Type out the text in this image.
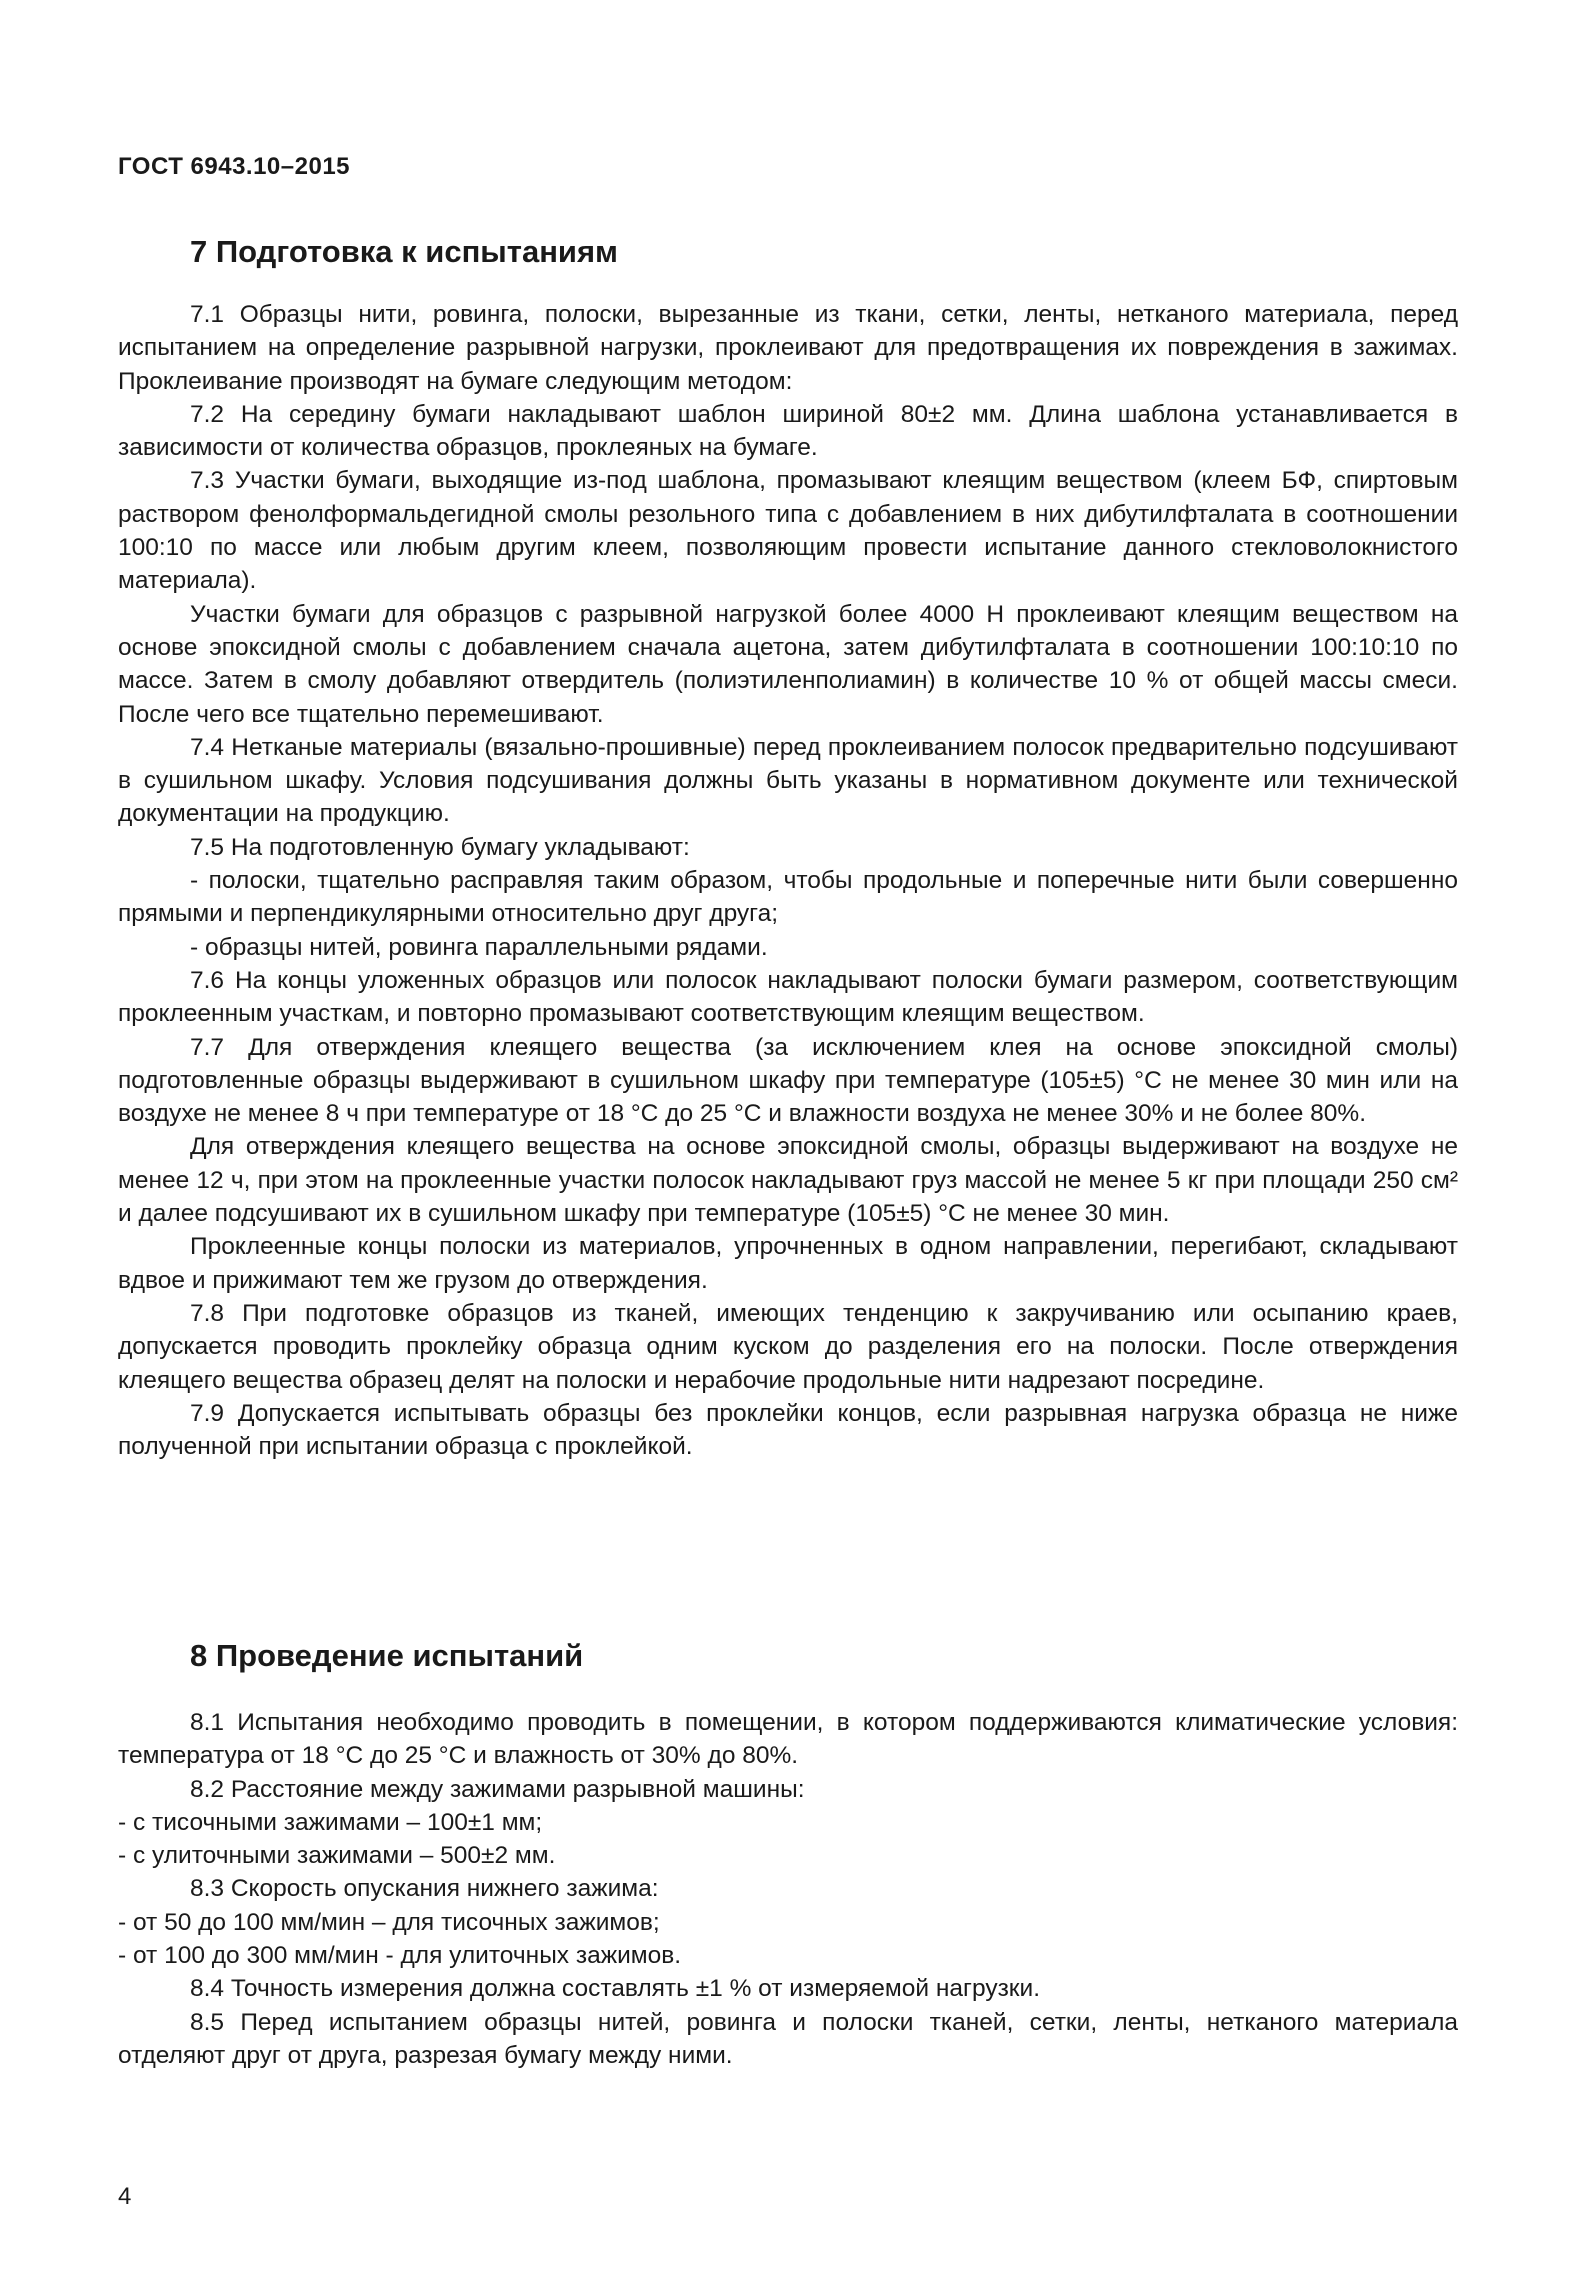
ГОСТ 6943.10–2015
7 Подготовка к испытаниям

7.1 Образцы нити, ровинга, полоски, вырезанные из ткани, сетки, ленты, нетканого материала, перед испытанием на определение разрывной нагрузки, проклеивают для предотвращения их повреждения в зажимах. Проклеивание производят на бумаге следующим методом:

7.2 На середину бумаги накладывают шаблон шириной 80±2 мм. Длина шаблона устанавливается в зависимости от количества образцов, проклеяных на бумаге.

7.3 Участки бумаги, выходящие из-под шаблона, промазывают клеящим веществом (клеем БФ, спиртовым раствором фенолформальдегидной смолы резольного типа с добавлением в них дибутилфталата в соотношении 100:10 по массе или любым другим клеем, позволяющим провести испытание данного стекловолокнистого материала).

Участки бумаги для образцов с разрывной нагрузкой более 4000 Н проклеивают клеящим веществом на основе эпоксидной смолы с добавлением сначала ацетона, затем дибутилфталата в соотношении 100:10:10 по массе. Затем в смолу добавляют отвердитель (полиэтиленполиамин) в количестве 10 % от общей массы смеси. После чего все тщательно перемешивают.

7.4 Нетканые материалы (вязально-прошивные) перед проклеиванием полосок предварительно подсушивают в сушильном шкафу. Условия подсушивания должны быть указаны в нормативном документе или технической документации на продукцию.

7.5 На подготовленную бумагу укладывают:

- полоски, тщательно расправляя таким образом, чтобы продольные и поперечные нити были совершенно прямыми и перпендикулярными относительно друг друга;

- образцы нитей, ровинга параллельными рядами.

7.6 На концы уложенных образцов или полосок накладывают полоски бумаги размером, соответствующим проклеенным участкам, и повторно промазывают соответствующим клеящим веществом.

7.7 Для отверждения клеящего вещества (за исключением клея на основе эпоксидной смолы) подготовленные образцы выдерживают в сушильном шкафу при температуре (105±5) °С не менее 30 мин или на воздухе не менее 8 ч при температуре от 18 °С до 25 °С и влажности воздуха не менее 30% и не более 80%.

Для отверждения клеящего вещества на основе эпоксидной смолы, образцы выдерживают на воздухе не менее 12 ч, при этом на проклеенные участки полосок накладывают груз массой не менее 5 кг при площади 250 см² и далее подсушивают их в сушильном шкафу при температуре (105±5) °С не менее 30 мин.

Проклеенные концы полоски из материалов, упрочненных в одном направлении, перегибают, складывают вдвое и прижимают тем же грузом до отверждения.

7.8 При подготовке образцов из тканей, имеющих тенденцию к закручиванию или осыпанию краев, допускается проводить проклейку образца одним куском до разделения его на полоски. После отверждения клеящего вещества образец делят на полоски и нерабочие продольные нити надрезают посредине.

7.9 Допускается испытывать образцы без проклейки концов, если разрывная нагрузка образца не ниже полученной при испытании образца с проклейкой.

8 Проведение испытаний

8.1 Испытания необходимо проводить в помещении, в котором поддерживаются климатические условия: температура от 18 °С до 25 °С и влажность от 30% до 80%.

8.2 Расстояние между зажимами разрывной машины:

- с тисочными зажимами – 100±1 мм;

- с улиточными зажимами – 500±2 мм.

8.3 Скорость опускания нижнего зажима:

- от 50 до 100 мм/мин – для тисочных зажимов;

- от 100 до 300 мм/мин - для улиточных зажимов.

8.4 Точность измерения должна составлять ±1 % от измеряемой нагрузки.

8.5 Перед испытанием образцы нитей, ровинга и полоски тканей, сетки, ленты, нетканого материала отделяют друг от друга, разрезая бумагу между ними.

4
